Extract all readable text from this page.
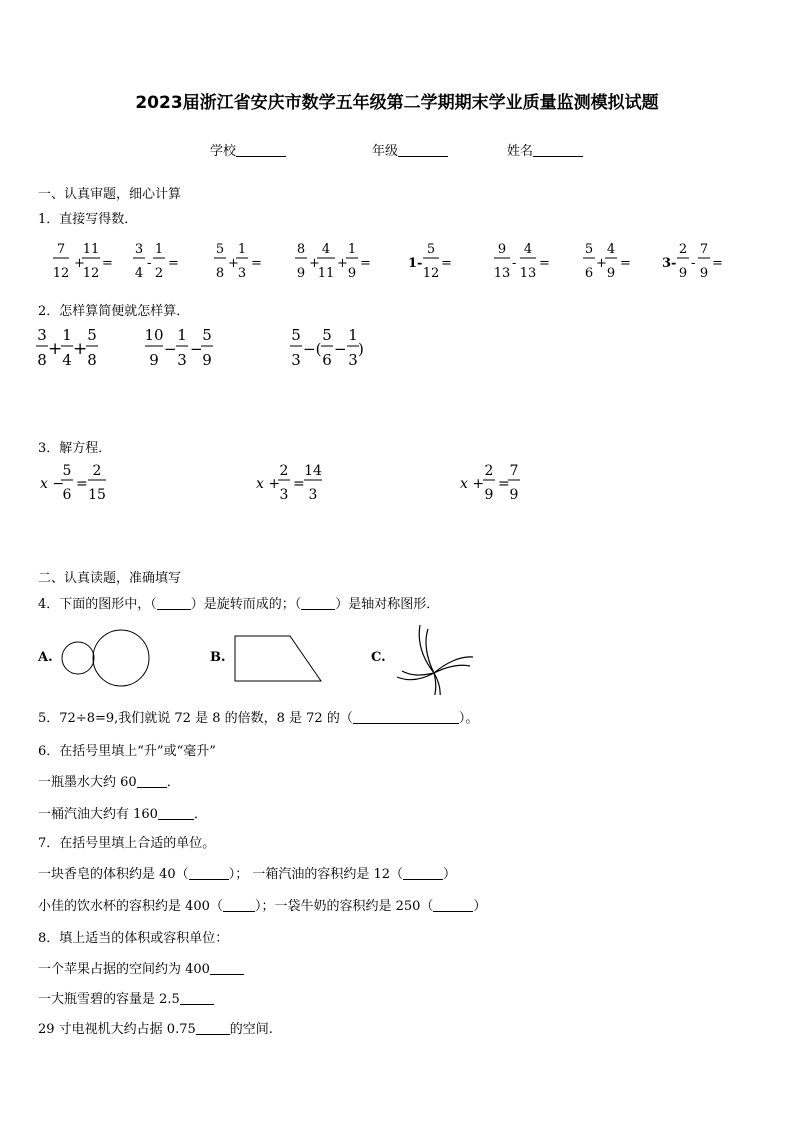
2023届浙江省安庆市数学五年级第二学期期末学业质量监测模拟试题
学校	年级	姓名
一、认真审题，细心计算
1．直接写得数．
7
12
+
11
12
=
3
4
-
1
2
=
5
8
+
1
3
=
8
9
+
4
11
+
1
9
=	1-
5
12
=
9
13
-
4
13
=
5
6
+
4
9
= 3-
2
9
-
7
9
=
2．怎样算简便就怎样算．
3
8
+
1
4
+
5
8
10
9
−
1
3
−
5
9
5
3
−(
5
6
−
1
3
)
3．解方程．
x −
5
6
=
2
15
x +
2
3
=
14
3
x +
2
9
=
7
9
二、认真读题，准确填写
4．下面的图形中，（	）是旋转而成的；（	）是轴对称图形．
A.	B.	C.
5．72÷8=9,我们就说 72 是 8 的倍数，8 是 72 的（	）。
6．在括号里填上“升”或“毫升”
一瓶墨水大约 60 ．
一桶汽油大约有 160	．
7．在括号里填上合适的单位。
一块香皂的体积约是 40（	）； 一箱汽油的容积约是 12（	）
小佳的饮水杯的容积约是 400（ ）；一袋牛奶的容积约是 250（	）
8．填上适当的体积或容积单位：
一个苹果占据的空间约为 400
一大瓶雪碧的容量是 2.5
29 寸电视机大约占据 0.75	的空间.
